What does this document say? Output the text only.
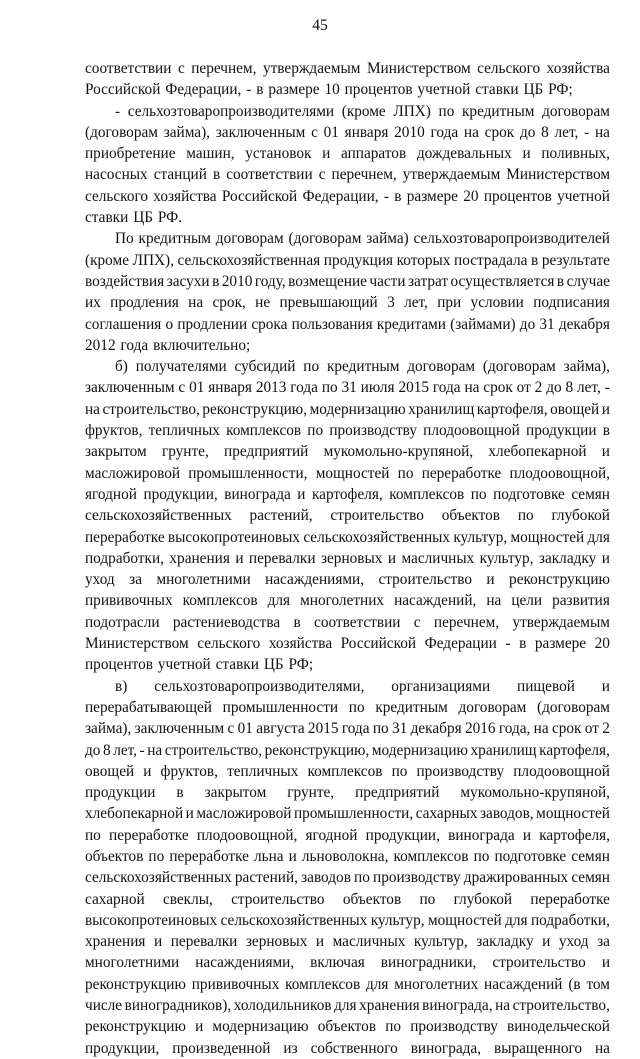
45
соответствии с перечнем, утверждаемым Министерством сельского хозяйства
Российской Федерации, - в размере 10 процентов учетной ставки ЦБ РФ;
- сельхозтоваропроизводителями (кроме ЛПХ) по кредитным договорам
(договорам займа), заключенным с 01 января 2010 года на срок до 8 лет, - на
приобретение машин, установок и аппаратов дождевальных и поливных,
насосных станций в соответствии с перечнем, утверждаемым Министерством
сельского хозяйства Российской Федерации, - в размере 20 процентов учетной
ставки ЦБ РФ.
По кредитным договорам (договорам займа) сельхозтоваропроизводителей
(кроме ЛПХ), сельскохозяйственная продукция которых пострадала в результате
воздействия засухи в 2010 году, возмещение части затрат осуществляется в случае
их продления на срок, не превышающий 3 лет, при условии подписания
соглашения о продлении срока пользования кредитами (займами) до 31 декабря
2012 года включительно;
б) получателями субсидий по кредитным договорам (договорам займа),
заключенным с 01 января 2013 года по 31 июля 2015 года на срок от 2 до 8 лет, -
на строительство, реконструкцию, модернизацию хранилищ картофеля, овощей и
фруктов, тепличных комплексов по производству плодоовощной продукции в
закрытом грунте, предприятий мукомольно-крупяной, хлебопекарной и
масложировой промышленности, мощностей по переработке плодоовощной,
ягодной продукции, винограда и картофеля, комплексов по подготовке семян
сельскохозяйственных растений, строительство объектов по глубокой
переработке высокопротеиновых сельскохозяйственных культур, мощностей для
подработки, хранения и перевалки зерновых и масличных культур, закладку и
уход за многолетними насаждениями, строительство и реконструкцию
прививочных комплексов для многолетних насаждений, на цели развития
подотрасли растениеводства в соответствии с перечнем, утверждаемым
Министерством сельского хозяйства Российской Федерации - в размере 20
процентов учетной ставки ЦБ РФ;
в) сельхозтоваропроизводителями, организациями пищевой и
перерабатывающей промышленности по кредитным договорам (договорам
займа), заключенным с 01 августа 2015 года по 31 декабря 2016 года, на срок от 2
до 8 лет, - на строительство, реконструкцию, модернизацию хранилищ картофеля,
овощей и фруктов, тепличных комплексов по производству плодоовощной
продукции в закрытом грунте, предприятий мукомольно-крупяной,
хлебопекарной и масложировой промышленности, сахарных заводов, мощностей
по переработке плодоовощной, ягодной продукции, винограда и картофеля,
объектов по переработке льна и льноволокна, комплексов по подготовке семян
сельскохозяйственных растений, заводов по производству дражированных семян
сахарной свеклы, строительство объектов по глубокой переработке
высокопротеиновых сельскохозяйственных культур, мощностей для подработки,
хранения и перевалки зерновых и масличных культур, закладку и уход за
многолетними насаждениями, включая виноградники, строительство и
реконструкцию прививочных комплексов для многолетних насаждений (в том
числе виноградников), холодильников для хранения винограда, на строительство,
реконструкцию и модернизацию объектов по производству винодельческой
продукции, произведенной из собственного винограда, выращенного на
